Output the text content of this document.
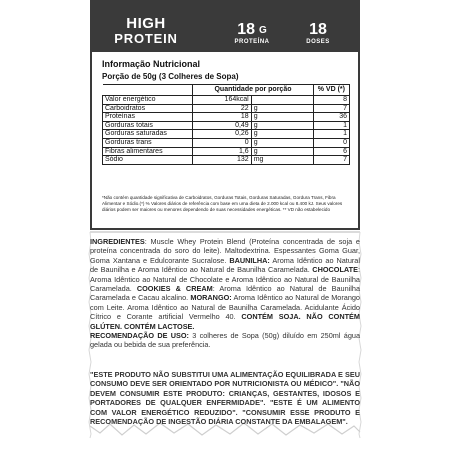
HIGH
PROTEIN
18 G
PROTEÍNA
18
DOSES
Informação Nutricional
Porção de 50g (3 Colheres de Sopa)
	Quantidade por porção		% VD (*)
Valor energético	164kcal		8
Carboidratos	22	g	7
Proteínas	18	g	36
Gorduras totais	0,49	g	1
Gorduras saturadas	0,26	g	1
Gorduras trans	0	g	0
Fibras alimentares	1,6	g	6
Sódio	132	mg	7
*Não contém quantidade significativa de Carboidratos, Gorduras Totais, Gorduras Saturadas, Gordura Trans, Fibra Alimentar e Sódio.(*) % Valores diários de referência com base em uma dieta de 2.000 kcal ou 8.400 kJ. Seus valores diários podem ser maiores ou menores dependendo de suas necessidades energéticas. ** VD não estabelecido
INGREDIENTES: Muscle Whey Protein Blend (Proteína concentrada de soja e proteína concentrada do soro do leite). Maltodextrina. Espessantes Goma Guar, Goma Xantana e Edulcorante Sucralose. BAUNILHA: Aroma Idêntico ao Natural de Baunilha e Aroma Idêntico ao Natural de Baunilha Caramelada. CHOCOLATE: Aroma Idêntico ao Natural de Chocolate e Aroma Idêntico ao Natural de Baunilha Caramelada. COOKIES & CREAM: Aroma Idêntico ao Natural de Baunilha Caramelada e Cacau alcalino. MORANGO: Aroma Idêntico ao Natural de Morango com Leite. Aroma Idêntico ao Natural de Baunilha Caramelada. Acidulante Ácido Cítrico e Corante artificial Vermelho 40. CONTÉM SOJA. NÃO CONTÉM GLÚTEN. CONTÉM LACTOSE.
RECOMENDAÇÃO DE USO: 3 colheres de Sopa (50g) diluído em 250ml água gelada ou bebida de sua preferência.
"ESTE PRODUTO NÃO SUBSTITUI UMA ALIMENTAÇÃO EQUILIBRADA E SEU CONSUMO DEVE SER ORIENTADO POR NUTRICIONISTA OU MÉDICO". "NÃO DEVEM CONSUMIR ESTE PRODUTO: CRIANÇAS, GESTANTES, IDOSOS E PORTADORES DE QUALQUER ENFERMIDADE". "ESTE É UM ALIMENTO COM VALOR ENERGÉTICO REDUZIDO". "CONSUMIR ESSE PRODUTO E RECOMENDAÇÃO DE INGESTÃO DIÁRIA CONSTANTE DA EMBALAGEM".
